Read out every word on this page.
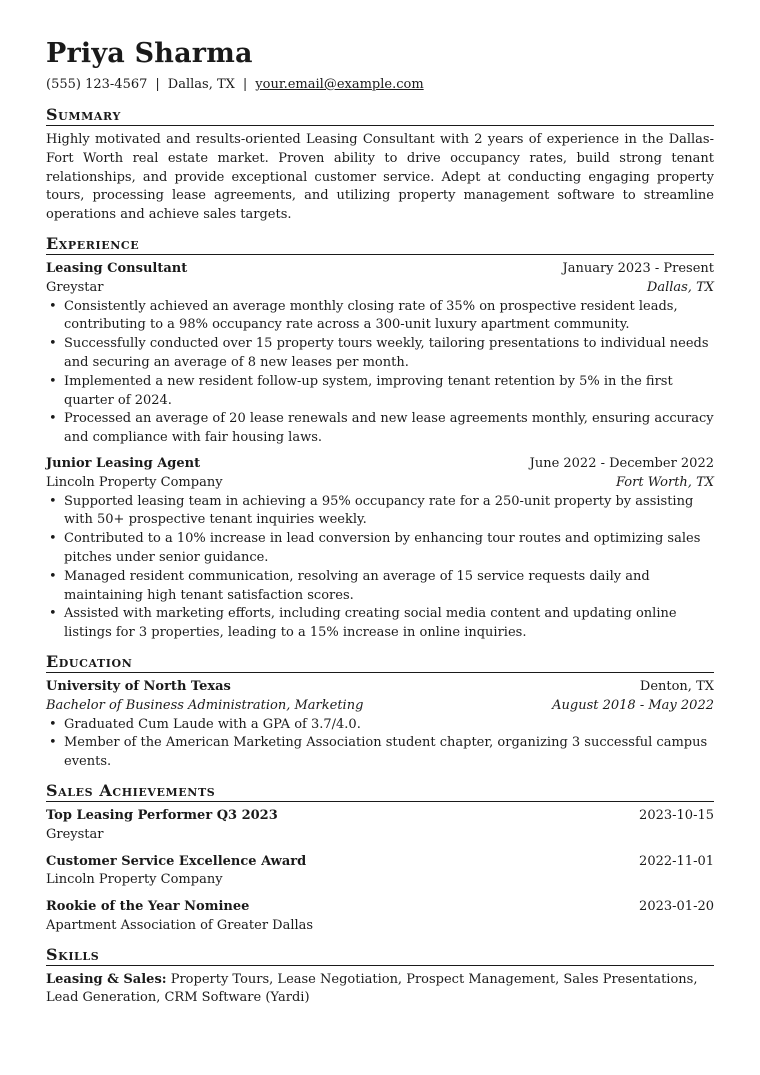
Priya Sharma
(555) 123-4567 | Dallas, TX | your.email@example.com
Summary

Highly motivated and results-oriented Leasing Consultant with 2 years of experience in the Dallas-Fort Worth real estate market. Proven ability to drive occupancy rates, build strong tenant relationships, and provide exceptional customer service. Adept at conducting engaging property tours, processing lease agreements, and utilizing property management software to streamline operations and achieve sales targets.

Experience
Leasing Consultant	January 2023 - Present
Greystar	Dallas, TX
• Consistently achieved an average monthly closing rate of 35% on prospective resident leads, contributing to a 98% occupancy rate across a 300-unit luxury apartment community.
• Successfully conducted over 15 property tours weekly, tailoring presentations to individual needs and securing an average of 8 new leases per month.
• Implemented a new resident follow-up system, improving tenant retention by 5% in the first quarter of 2024.
• Processed an average of 20 lease renewals and new lease agreements monthly, ensuring accuracy and compliance with fair housing laws.
Junior Leasing Agent	June 2022 - December 2022
Lincoln Property Company	Fort Worth, TX
• Supported leasing team in achieving a 95% occupancy rate for a 250-unit property by assisting with 50+ prospective tenant inquiries weekly.
• Contributed to a 10% increase in lead conversion by enhancing tour routes and optimizing sales pitches under senior guidance.
• Managed resident communication, resolving an average of 15 service requests daily and maintaining high tenant satisfaction scores.
• Assisted with marketing efforts, including creating social media content and updating online listings for 3 properties, leading to a 15% increase in online inquiries.
Education
University of North Texas	Denton, TX
Bachelor of Business Administration, Marketing	August 2018 - May 2022
• Graduated Cum Laude with a GPA of 3.7/4.0.
• Member of the American Marketing Association student chapter, organizing 3 successful campus events.
Sales Achievements
Top Leasing Performer Q3 2023	2023-10-15
Greystar
Customer Service Excellence Award	2022-11-01
Lincoln Property Company
Rookie of the Year Nominee	2023-01-20
Apartment Association of Greater Dallas
Skills

Leasing & Sales: Property Tours, Lease Negotiation, Prospect Management, Sales Presentations, Lead Generation, CRM Software (Yardi)
